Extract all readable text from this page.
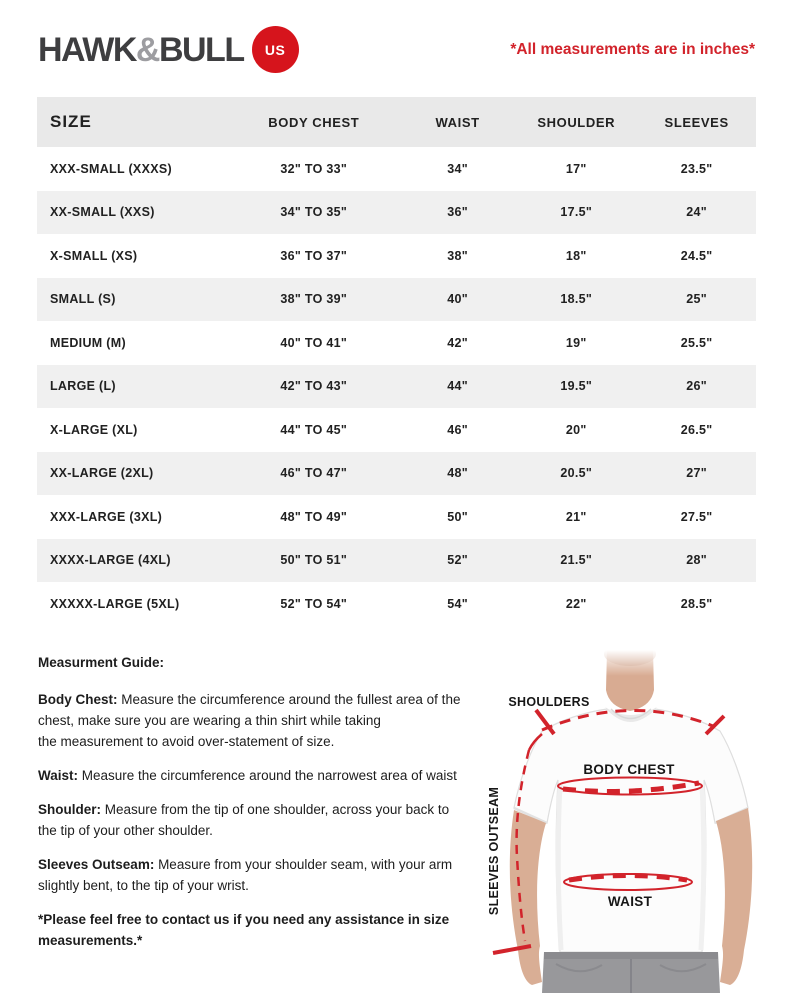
HAWK&BULL	US	*All measurements are in inches*
SIZE	BODY CHEST	WAIST	SHOULDER	SLEEVES
XXX-SMALL (XXXS)	32" TO 33"	34"	17"	23.5"
XX-SMALL (XXS)	34" TO 35"	36"	17.5"	24"
X-SMALL (XS)	36" TO 37"	38"	18"	24.5"
SMALL (S)	38" TO 39"	40"	18.5"	25"
MEDIUM (M)	40" TO 41"	42"	19"	25.5"
LARGE (L)	42" TO 43"	44"	19.5"	26"
X-LARGE (XL)	44" TO 45"	46"	20"	26.5"
XX-LARGE (2XL)	46" TO 47"	48"	20.5"	27"
XXX-LARGE (3XL)	48" TO 49"	50"	21"	27.5"
XXXX-LARGE (4XL)	50" TO 51"	52"	21.5"	28"
XXXXX-LARGE (5XL)	52" TO 54"	54"	22"	28.5"
Measurment Guide:

Body Chest: Measure the circumference around the fullest area of the
chest, make sure you are wearing a thin shirt while taking
the measurement to avoid over-statement of size.

Waist: Measure the circumference around the narrowest area of waist

Shoulder: Measure from the tip of one shoulder, across your back to
the tip of your other shoulder.

Sleeves Outseam: Measure from your shoulder seam, with your arm
slightly bent, to the tip of your wrist.

*Please feel free to contact us if you need any assistance in size
measurements.*

SHOULDERS
BODY CHEST
WAIST
SLEEVES OUTSEAM
